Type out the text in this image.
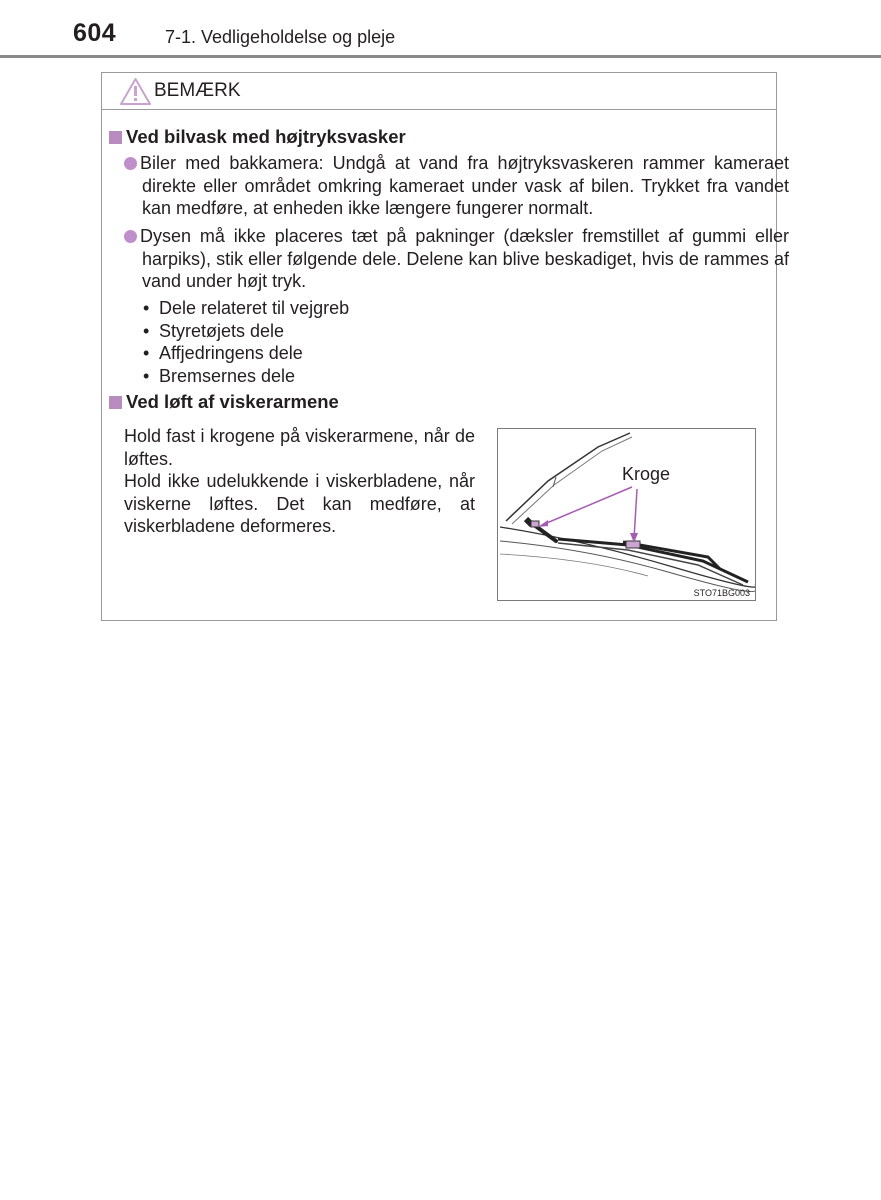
604	7-1. Vedligeholdelse og pleje
BEMÆRK
Ved bilvask med højtryksvasker
Biler med bakkamera: Undgå at vand fra højtryksvaskeren rammer kameraet direkte eller området omkring kameraet under vask af bilen. Trykket fra vandet kan medføre, at enheden ikke længere fungerer normalt.
Dysen må ikke placeres tæt på pakninger (dæksler fremstillet af gummi eller harpiks), stik eller følgende dele. Delene kan blive beskadiget, hvis de rammes af vand under højt tryk.
• Dele relateret til vejgreb
• Styretøjets dele
• Affjedringens dele
• Bremsernes dele
Ved løft af viskerarmene
Hold fast i krogene på viskerarmene, når de løftes.
Hold ikke udelukkende i viskerbladene, når viskerne løftes. Det kan medføre, at viskerbladene deformeres.
Kroge
STO71BG003
